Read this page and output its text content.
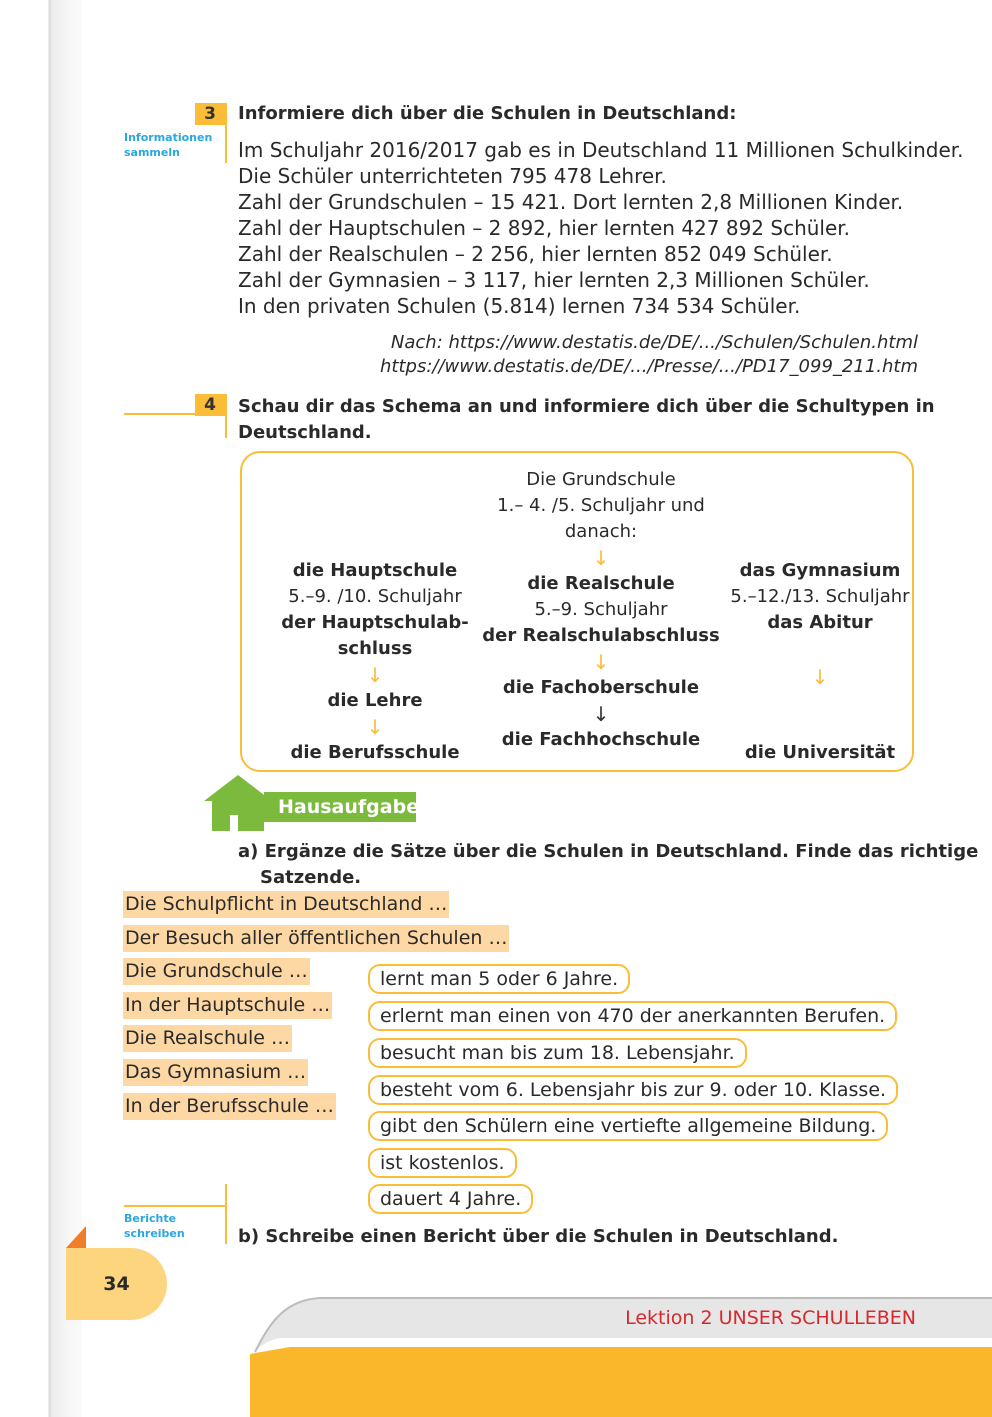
3
Informationen
sammeln
Informiere dich über die Schulen in Deutschland:
Im Schuljahr 2016/2017 gab es in Deutschland 11 Millionen Schulkinder.
Die Schüler unterrichteten 795 478 Lehrer.
Zahl der Grundschulen – 15 421. Dort lernten 2,8 Millionen Kinder.
Zahl der Hauptschulen – 2 892, hier lernten 427 892 Schüler.
Zahl der Realschulen – 2 256, hier lernten 852 049 Schüler.
Zahl der Gymnasien – 3 117, hier lernten 2,3 Millionen Schüler.
In den privaten Schulen (5.814) lernen 734 534 Schüler.
Nach: https://www.destatis.de/DE/.../Schulen/Schulen.html
https://www.destatis.de/DE/.../Presse/.../PD17_099_211.htm
4	Schau dir das Schema an und informiere dich über die Schultypen in
Deutschland.
Die Grundschule
1.– 4. /5. Schuljahr und
danach:
↓
die Realschule
5.–9. Schuljahr
der Realschulabschluss
↓
die Fachoberschule
↓
die Fachhochschule
die Hauptschule
5.–9. /10. Schuljahr
der Hauptschulab-
schluss
↓
die Lehre
↓
die Berufsschule
das Gymnasium
5.–12./13. Schuljahr
das Abitur
↓
die Universität
Hausaufgabe
a) Ergänze die Sätze über die Schulen in Deutschland. Finde das richtige
Satzende.
Die Schulpflicht in Deutschland …
Der Besuch aller öffentlichen Schulen …
Die Grundschule …
In der Hauptschule …
Die Realschule …
Das Gymnasium …
In der Berufsschule …
lernt man 5 oder 6 Jahre.
erlernt man einen von 470 der anerkannten Berufen.
besucht man bis zum 18. Lebensjahr.
besteht vom 6. Lebensjahr bis zur 9. oder 10. Klasse.
gibt den Schülern eine vertiefte allgemeine Bildung.
ist kostenlos.
dauert 4 Jahre.
Berichte
schreiben	b) Schreibe einen Bericht über die Schulen in Deutschland.
34
Lektion 2 UNSER SCHULLEBEN
